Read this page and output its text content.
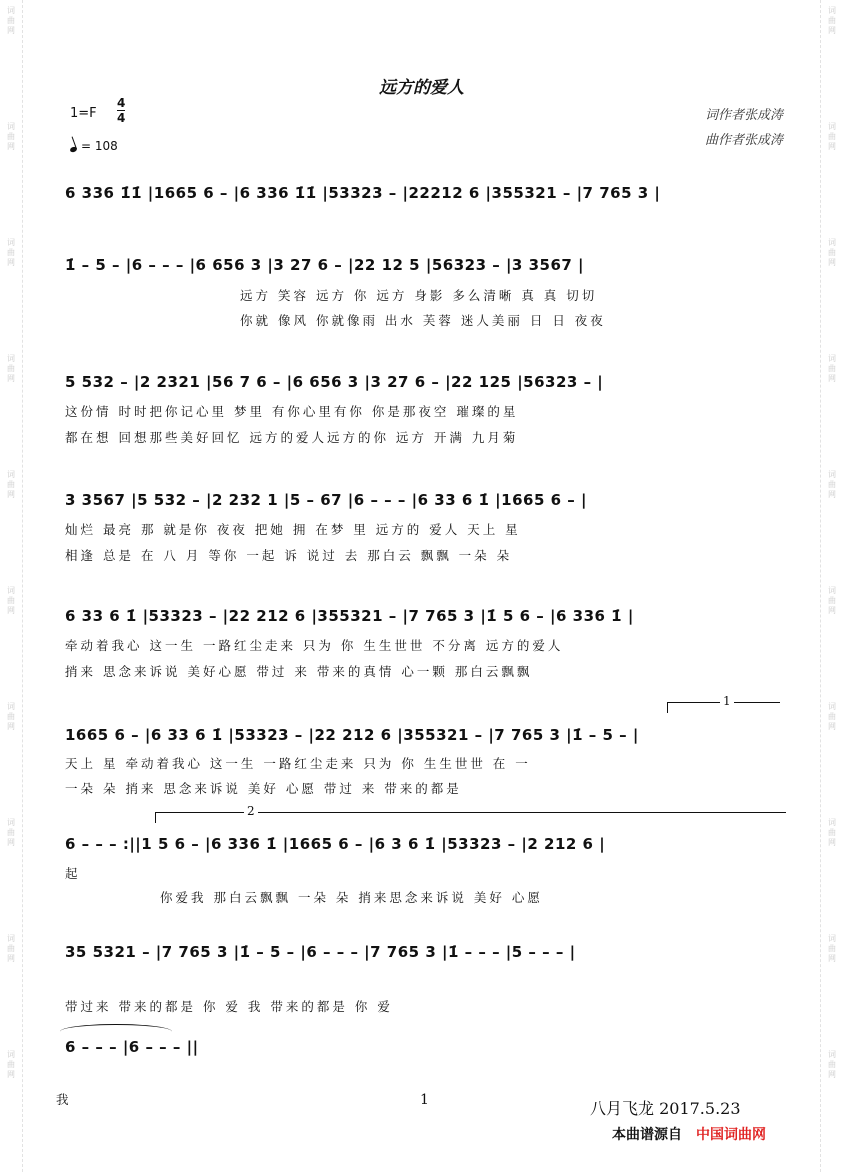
词
曲
网
词
曲
网
词
曲
网
词
曲
网
词
曲
网
词
曲
网
词
曲
网
词
曲
网
词
曲
网
词
曲
网
词
曲
网
词
曲
网
词
曲
网
词
曲
网
词
曲
网
词
曲
网
词
曲
网
词
曲
网
词
曲
网
词
曲
网
远方的爱人
1=F
4
4
= 108
词作者张成涛
曲作者张成涛
6 336 1̇1̇ |1665 6 – |6 336 1̇1̇ |53323 – |22212 6 |355321 – |7 765 3 |
1̇ – 5 – |6 – – – |6 656 3 |3 27 6 – |22 12 5 |56323 – |3 3567 |
远方 笑容 远方 你 远方 身影 多么清晰 真 真 切切
你就 像风 你就像雨 出水 芙蓉 迷人美丽 日 日 夜夜
5 532 – |2 2321 |56 7 6 – |6 656 3 |3 27 6 – |22 125 |56323 – |
这份情 时时把你记心里 梦里 有你心里有你 你是那夜空 璀璨的星
都在想 回想那些美好回忆 远方的爱人远方的你 远方 开满 九月菊
3 3567 |5 532 – |2 232 1 |5 – 67 |6 – – – |6 33 6 1̇ |1665 6 – |
灿烂 最亮 那 就是你 夜夜 把她 拥 在梦 里 远方的 爱人 天上 星
相逢 总是 在 八 月 等你 一起 诉 说过 去 那白云 飘飘 一朵 朵
6 33 6 1̇ |53323 – |22 212 6 |355321 – |7 765 3 |1̇ 5 6 – |6 336 1̇ |
牵动着我心 这一生 一路红尘走来 只为 你 生生世世 不分离 远方的爱人
捎来 思念来诉说 美好心愿 带过 来 带来的真情 心一颗 那白云飘飘
1
1665 6 – |6 33 6 1̇ |53323 – |22 212 6 |355321 – |7 765 3 |1̇ – 5 – |
天上 星 牵动着我心 这一生 一路红尘走来 只为 你 生生世世 在 一
一朵 朵 捎来 思念来诉说 美好 心愿 带过 来 带来的都是
2
6 – – – :||1 5 6 – |6 336 1̇ |1665 6 – |6 3 6 1̇ |53323 – |2 212 6 |
起
你爱我 那白云飘飘 一朵 朵 捎来思念来诉说 美好 心愿
35 5321 – |7 765 3 |1̇ – 5 – |6 – – – |7 765 3 |1̇ – – – |5 – – – |
带过来 带来的都是 你 爱 我 带来的都是 你 爱
6 – – – |6 – – – ||
我	1	八月飞龙 2017.5.23
本曲谱源自 中国词曲网
